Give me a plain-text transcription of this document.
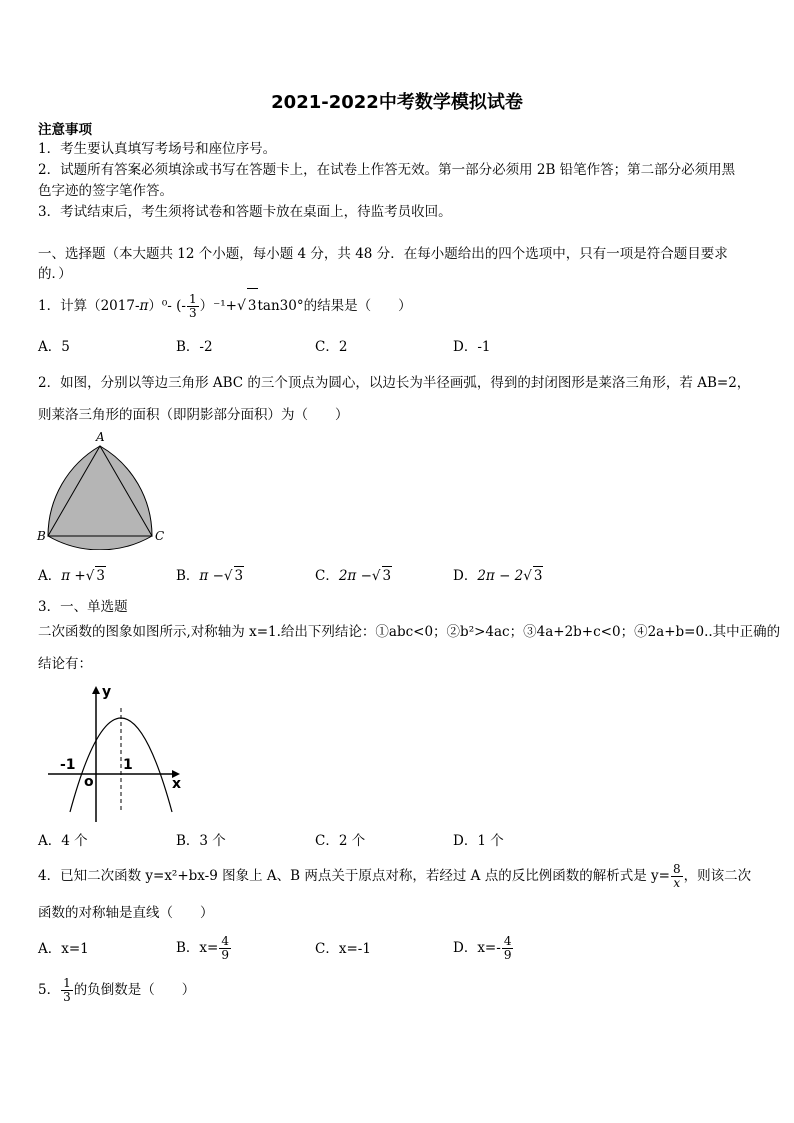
2021-2022中考数学模拟试卷
注意事项
1．考生要认真填写考场号和座位序号。
2．试题所有答案必须填涂或书写在答题卡上，在试卷上作答无效。第一部分必须用 2B 铅笔作答；第二部分必须用黑
色字迹的签字笔作答。
3．考试结束后，考生须将试卷和答题卡放在桌面上，待监考员收回。
一、选择题（本大题共 12 个小题，每小题 4 分，共 48 分．在每小题给出的四个选项中，只有一项是符合题目要求
的．）
1．计算（2017-π）⁰- (- $\frac{1}{3} )^{-1}+√$ 3tan30°的结果是（　　）
A．5	B．-2	C．2	D．-1
2．如图，分别以等边三角形 ABC 的三个顶点为圆心，以边长为半径画弧，得到的封闭图形是莱洛三角形，若 AB=2，
则莱洛三角形的面积（即阴影部分面积）为（　　）
A
B	C
A．π +√ 3	B．π −√ 3	C．2π −√ 3	D．2π − 2√ 3
3．一、单选题
二次函数的图象如图所示,对称轴为 x=1.给出下列结论：①abc<0；②b²>4ac；③4a+2b+c<0；④2a+b=0..其中正确的
结论有：
y
x
o
-1	1
A．4 个	B．3 个	C．2 个	D．1 个
4．已知二次函数 y=x²+bx-9 图象上 A、B 两点关于原点对称，若经过 A 点的反比例函数的解析式是 $y= \frac{8}{x}$ ，则该二次
函数的对称轴是直线（　　）
A．x=1	B．$x= \frac{4}{9}$	C．x=-1	D．$x=- \frac{4}{9}$
5． $\frac{1}{3}$ 的负倒数是（　　）
